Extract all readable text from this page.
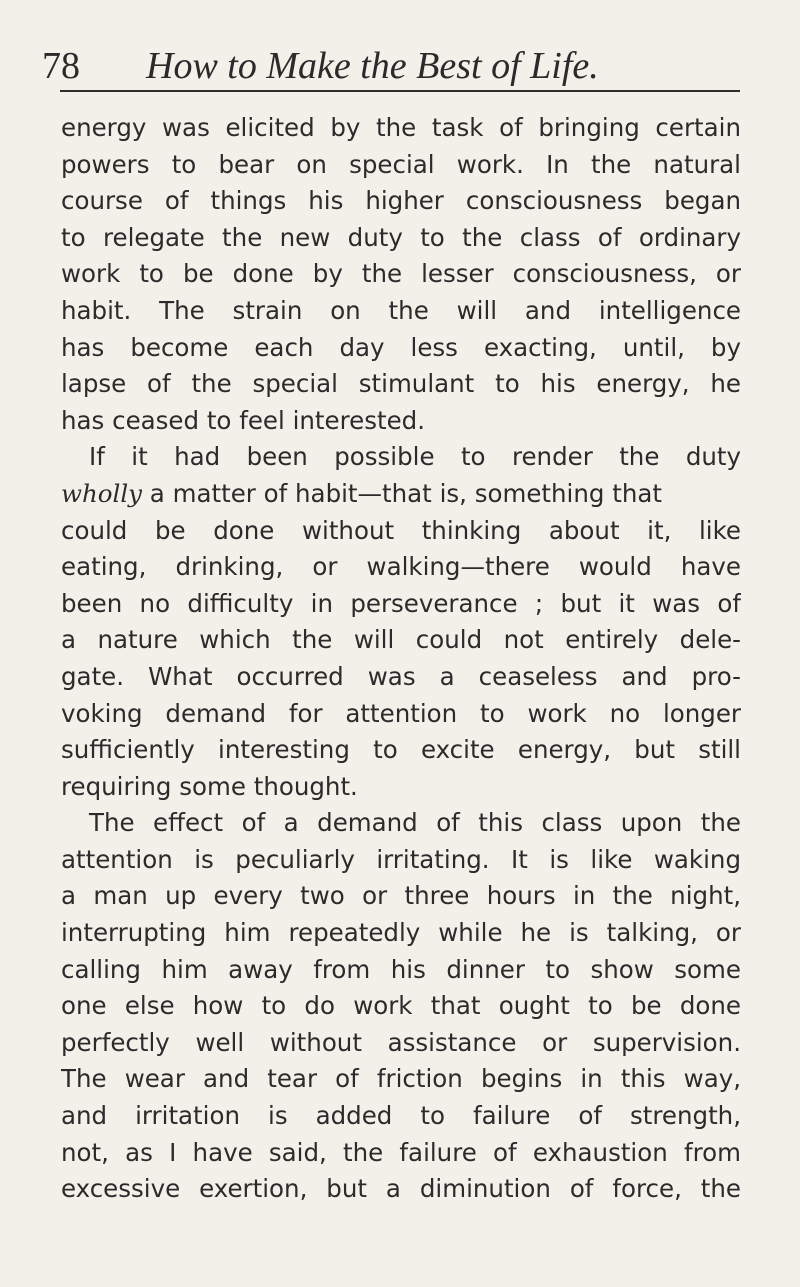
78 How to Make the Best of Life.
energy was elicited by the task of bringing certain
powers to bear on special work. In the natural
course of things his higher consciousness began
to relegate the new duty to the class of ordinary
work to be done by the lesser consciousness, or
habit. The strain on the will and intelligence
has become each day less exacting, until, by
lapse of the special stimulant to his energy, he
has ceased to feel interested.
If it had been possible to render the duty
wholly a matter of habit—that is, something that
could be done without thinking about it, like
eating, drinking, or walking—there would have
been no difficulty in perseverance ; but it was of
a nature which the will could not entirely dele-
gate. What occurred was a ceaseless and pro-
voking demand for attention to work no longer
sufficiently interesting to excite energy, but still
requiring some thought.
The effect of a demand of this class upon the
attention is peculiarly irritating. It is like waking
a man up every two or three hours in the night,
interrupting him repeatedly while he is talking, or
calling him away from his dinner to show some
one else how to do work that ought to be done
perfectly well without assistance or supervision.
The wear and tear of friction begins in this way,
and irritation is added to failure of strength,
not, as I have said, the failure of exhaustion from
excessive exertion, but a diminution of force, the
